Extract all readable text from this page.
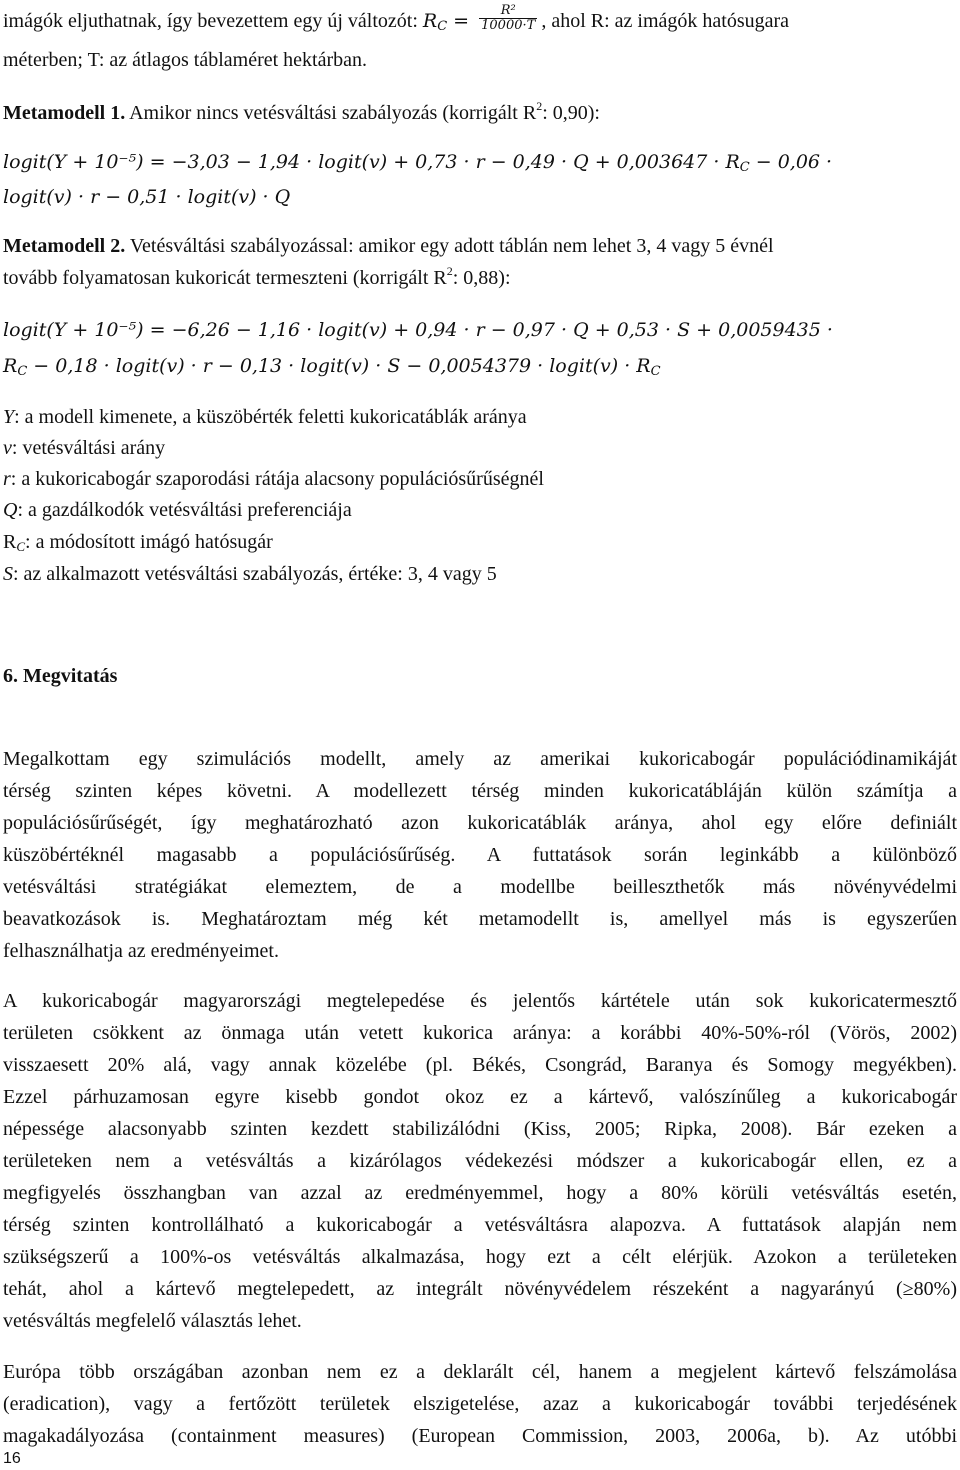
imágók eljuthatnak, így bevezettem egy új változót: $R_C = \frac{\text{R²}}{10000\cdot T}$ , ahol R: az imágók hatósugara
méterben; T: az átlagos táblaméret hektárban.
Metamodell 1. Amikor nincs vetésváltási szabályozás (korrigált $R^2$: 0,90):
logit(Y + 10⁻⁵) = −3,03 − 1,94 · logit(v) + $0,73 \cdot r - 0,49 \cdot Q + 0,003647 \cdot R_C - 0,06$ ·
logit(v) · r − 0,51 · logit(v) · Q
Metamodell 2. Vetésváltási szabályozással: amikor egy adott táblán nem lehet 3, 4 vagy 5 évnél
tovább folyamatosan kukoricát termeszteni (korrigált $R^2$: 0,88):
logit(Y + 10⁻⁵) = −6,26 − 1,16 · logit(v) + 0,94 · r − 0,97 · Q + 0,53 · S + 0,0059435 ·
$R_C - 0,18$ · logit(v) · r − 0,13 · logit(v) · S − 0,0054379 · logit(v) · $R_C$
Y: a modell kimenete, a küszöbérték feletti kukoricatáblák aránya
v: vetésváltási arány
r: a kukoricabogár szaporodási rátája alacsony populációsűrűségnél
Q: a gazdálkodók vetésváltási preferenciája
$R_C$: a módosított imágó hatósugár
S: az alkalmazott vetésváltási szabályozás, értéke: 3, 4 vagy 5
6. Megvitatás
Megalkottam egy szimulációs modellt, amely az amerikai kukoricabogár populációdinamikáját
térség szinten képes követni. A modellezett térség minden kukoricatábláján külön számítja a
populációsűrűségét, így meghatározható azon kukoricatáblák aránya, ahol egy előre definiált
küszöbértéknél magasabb a populációsűrűség. A futtatások során leginkább a különböző
vetésváltási stratégiákat elemeztem, de a modellbe beilleszthetők más növényvédelmi
beavatkozások is. Meghatároztam még két metamodellt is, amellyel más is egyszerűen
felhasználhatja az eredményeimet.
A kukoricabogár magyarországi megtelepedése és jelentős kártétele után sok kukoricatermesztő
területen csökkent az önmaga után vetett kukorica aránya: a korábbi 40%-50%-ról (Vörös, 2002)
visszaesett 20% alá, vagy annak közelébe (pl. Békés, Csongrád, Baranya és Somogy megyékben).
Ezzel párhuzamosan egyre kisebb gondot okoz ez a kártevő, valószínűleg a kukoricabogár
népessége alacsonyabb szinten kezdett stabilizálódni (Kiss, 2005; Ripka, 2008). Bár ezeken a
területeken nem a vetésváltás a kizárólagos védekezési módszer a kukoricabogár ellen, ez a
megfigyelés összhangban van azzal az eredményemmel, hogy a 80% körüli vetésváltás esetén,
térség szinten kontrollálható a kukoricabogár a vetésváltásra alapozva. A futtatások alapján nem
szükségszerű a 100%-os vetésváltás alkalmazása, hogy ezt a célt elérjük. Azokon a területeken
tehát, ahol a kártevő megtelepedett, az integrált növényvédelem részeként a nagyarányú (≥80%)
vetésváltás megfelelő választás lehet.
Európa több országában azonban nem ez a deklarált cél, hanem a megjelent kártevő felszámolása
(eradication), vagy a fertőzött területek elszigetelése, azaz a kukoricabogár további terjedésének
magakadályozása (containment measures) (European Commission, 2003, 2006a, b). Az utóbbi
16
